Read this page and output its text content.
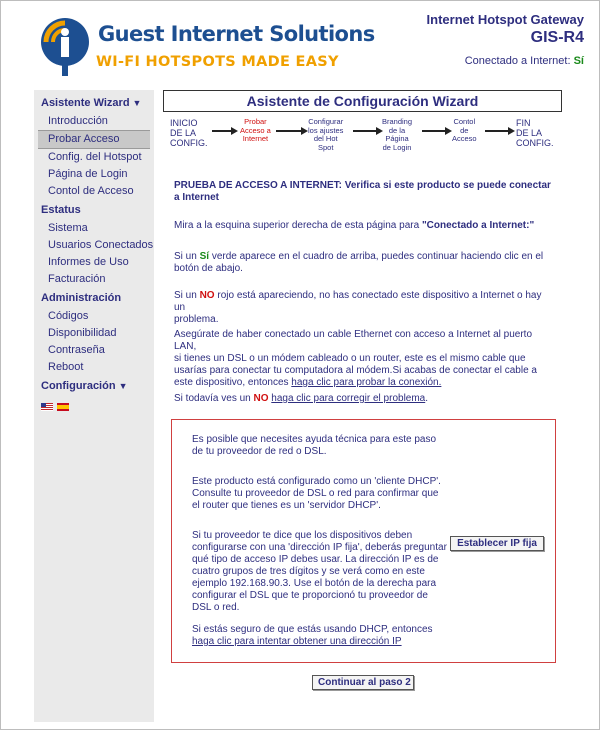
Guest Internet Solutions
WI-FI HOTSPOTS MADE EASY
Internet Hotspot Gateway
GIS-R4
Conectado a Internet: Sí
Asistente Wizard ▼
Introducción
Probar Acceso
Config. del Hotspot
Página de Login
Contol de Acceso
Estatus
Sistema
Usuarios Conectados
Informes de Uso
Facturación
Administración
Códigos
Disponibilidad
Contraseña
Reboot
Configuración ▼
Asistente de Configuración Wizard
INICIO
DE LA
CONFIG.
Probar
Acceso a
Internet
Configurar
los ajustes
del Hot
Spot
Branding
de la
Página
de Login
Contol
de
Acceso
FIN
DE LA
CONFIG.
PRUEBA DE ACCESO A INTERNET: Verifica si este producto se puede conectar
a Internet
Mira a la esquina superior derecha de esta página para "Conectado a Internet:"
Si un Sí verde aparece en el cuadro de arriba, puedes continuar haciendo clic en el
botón de abajo.
Si un NO rojo está apareciendo, no has conectado este dispositivo a Internet o hay un
problema.
Asegúrate de haber conectado un cable Ethernet con acceso a Internet al puerto LAN,
si tienes un DSL o un módem cableado o un router, este es el mismo cable que
usarías para conectar tu computadora al módem.Si acabas de conectar el cable a
este dispositivo, entonces haga clic para probar la conexión.
Si todavía ves un NO haga clic para corregir el problema.
Es posible que necesites ayuda técnica para este paso
de tu proveedor de red o DSL.
Este producto está configurado como un 'cliente DHCP'.
Consulte tu proveedor de DSL o red para confirmar que
el router que tienes es un 'servidor DHCP'.
Si tu proveedor te dice que los dispositivos deben
configurarse con una 'dirección IP fija', deberás preguntar
qué tipo de acceso IP debes usar. La dirección IP es de
cuatro grupos de tres dígitos y se verá como en este
ejemplo 192.168.90.3. Use el botón de la derecha para
configurar el DSL que te proporcionó tu proveedor de
DSL o red.
Establecer IP fija
Si estás seguro de que estás usando DHCP, entonces
haga clic para intentar obtener una dirección IP
Continuar al paso 2
